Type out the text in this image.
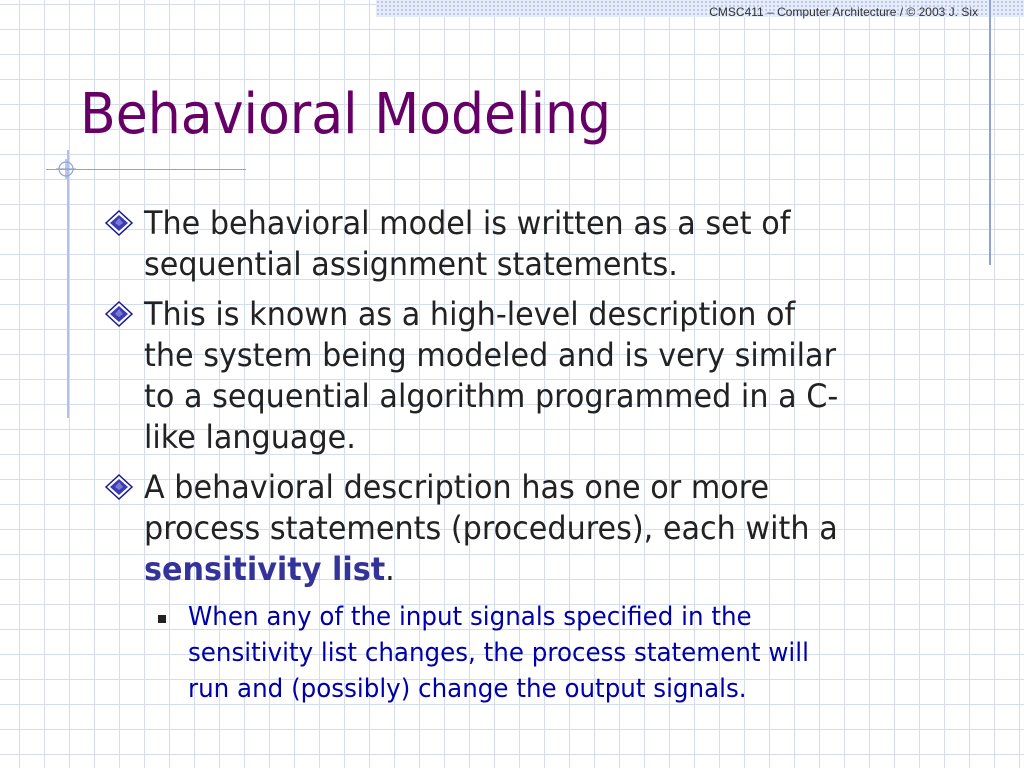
CMSC411 – Computer Architecture / © 2003 J. Six
Behavioral Modeling
The behavioral model is written as a set of
sequential assignment statements.
This is known as a high-level description of
the system being modeled and is very similar
to a sequential algorithm programmed in a C-
like language.
A behavioral description has one or more
process statements (procedures), each with a
sensitivity list.
When any of the input signals specified in the
sensitivity list changes, the process statement will
run and (possibly) change the output signals.
